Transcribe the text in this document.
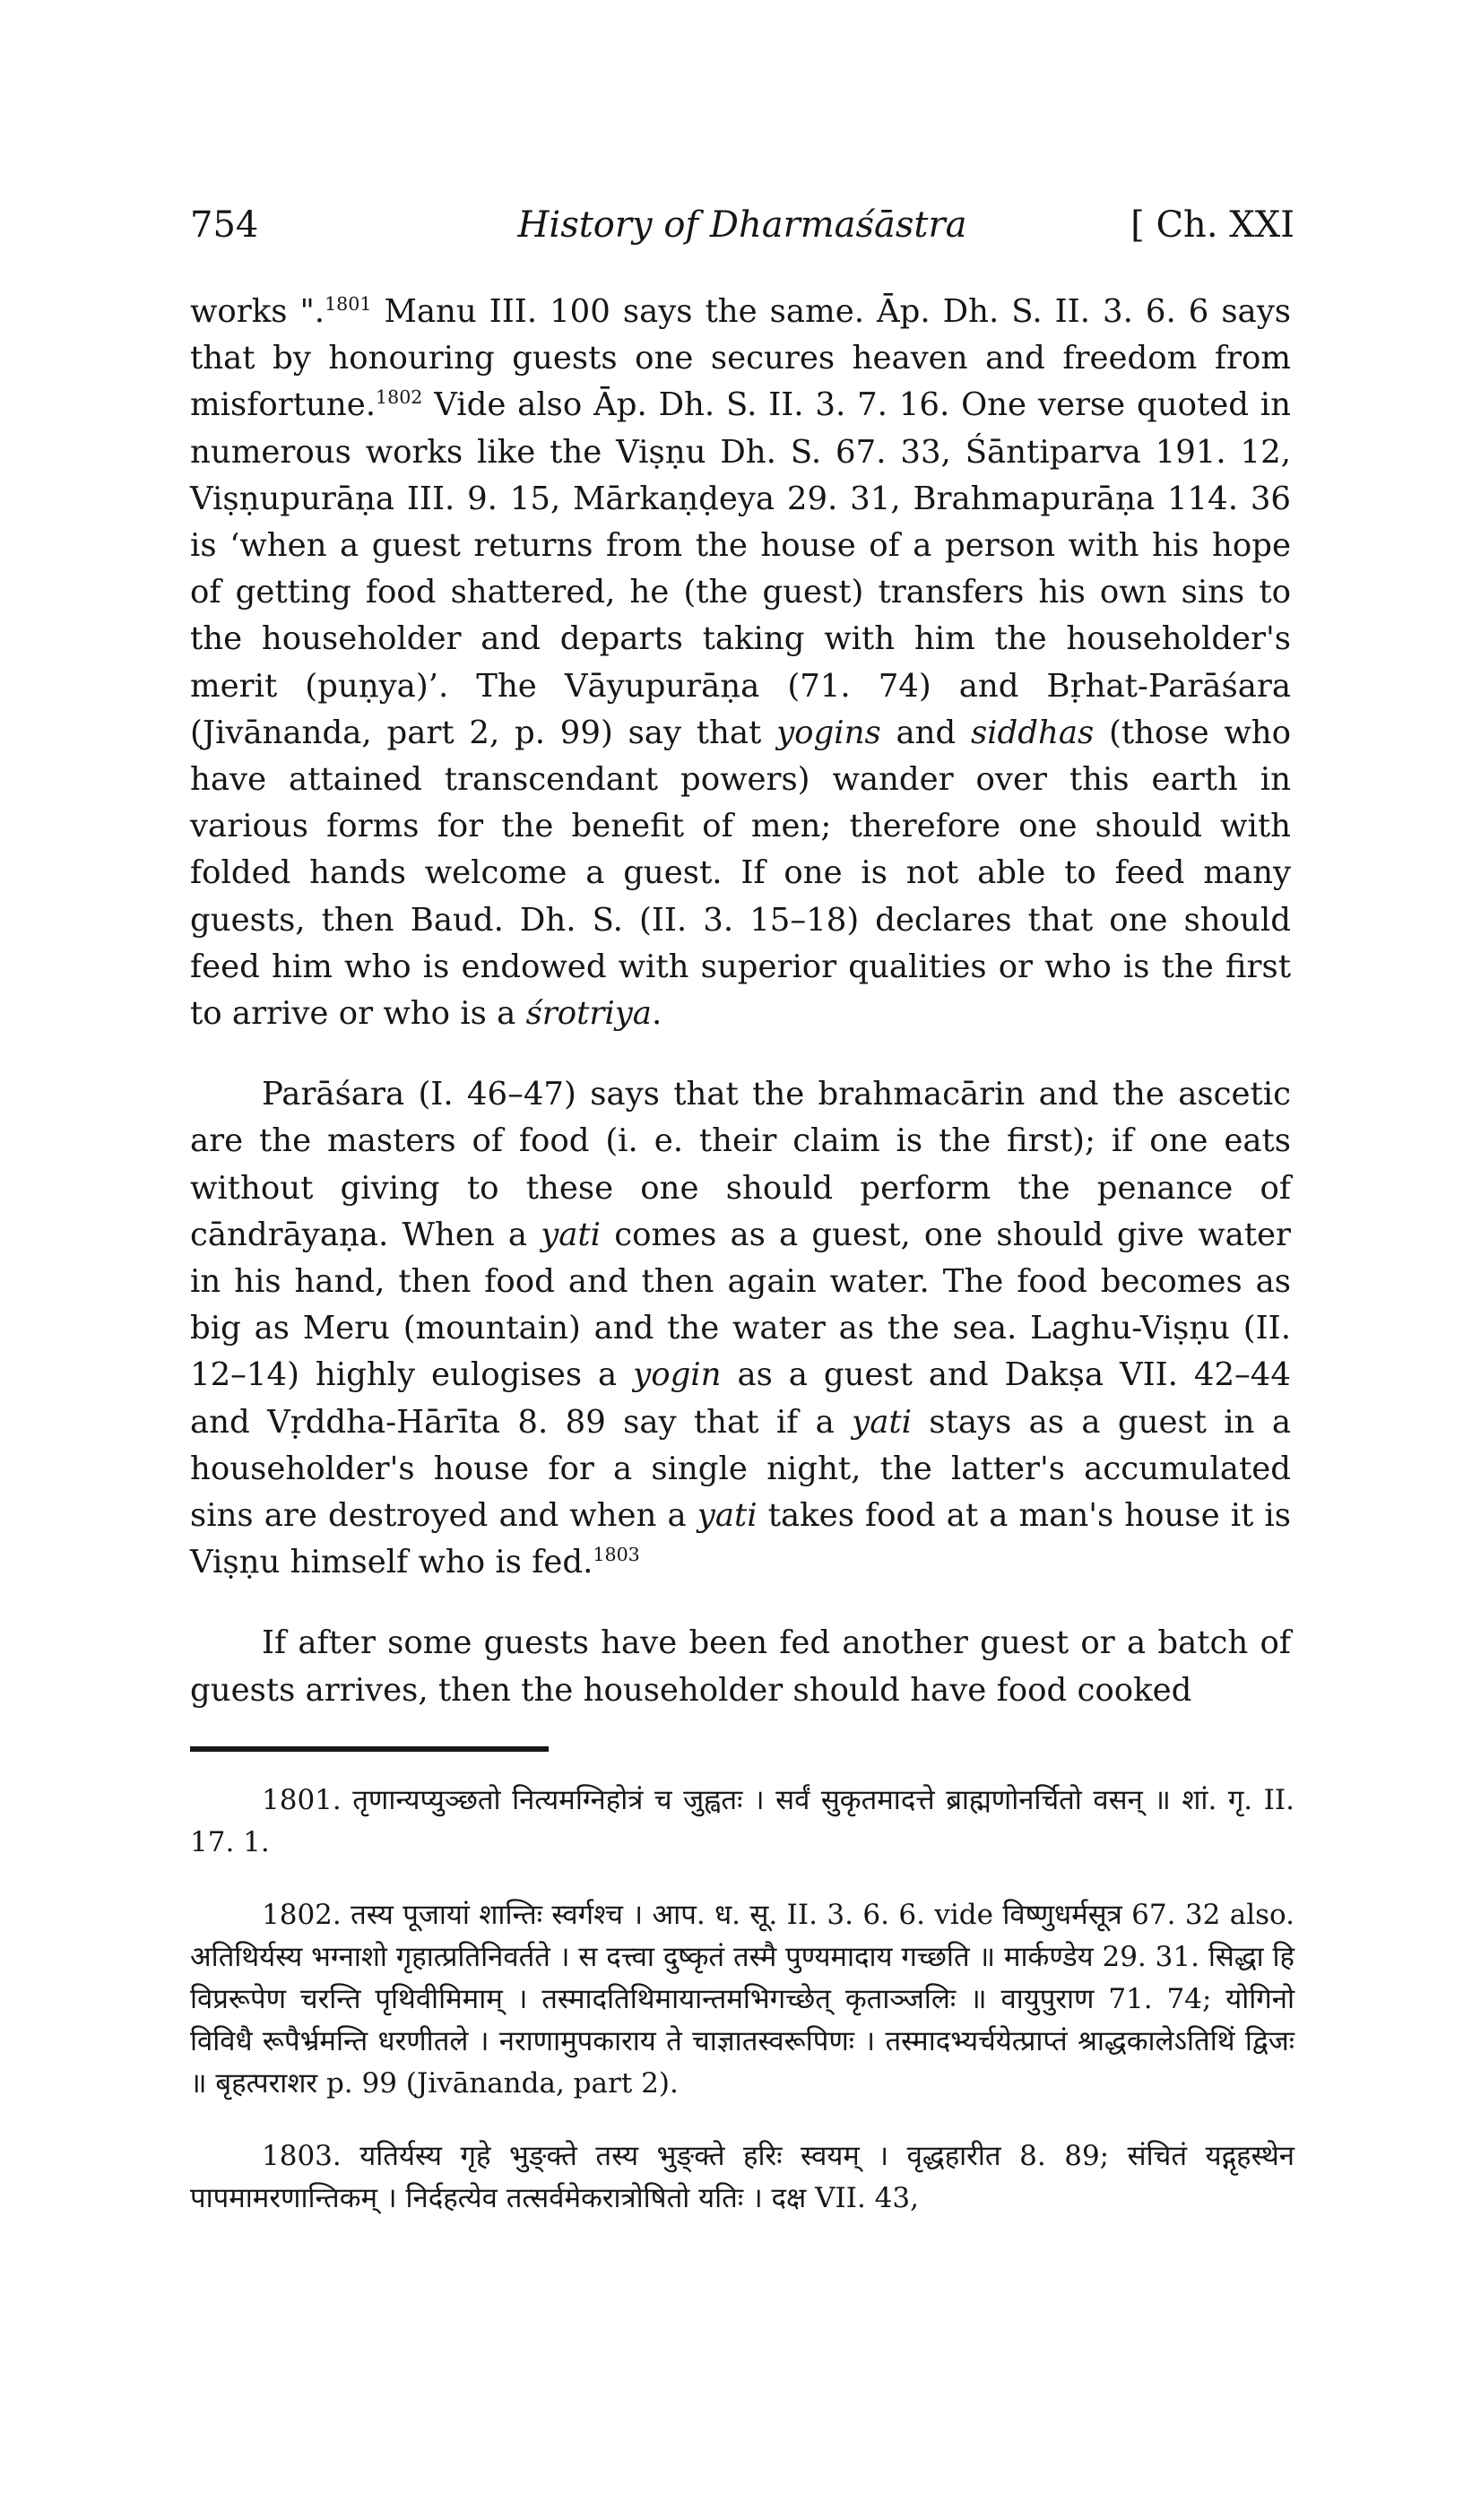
754	History of Dharmaśāstra	[ Ch. XXI

works ".$^{1801}$ Manu III. 100 says the same. Āp. Dh. S. II. 3. 6. 6 says that by honouring guests one secures heaven and freedom from misfortune.$^{1802}$ Vide also Āp. Dh. S. II. 3. 7. 16. One verse quoted in numerous works like the Viṣṇu Dh. S. 67. 33, Śāntiparva 191. 12, Viṣṇupurāṇa III. 9. 15, Mārkaṇḍeya 29. 31, Brahmapurāṇa 114. 36 is ‘when a guest returns from the house of a person with his hope of getting food shattered, he (the guest) transfers his own sins to the householder and departs taking with him the householder's merit (puṇya)’. The Vāyupurāṇa (71. 74) and Bṛhat-Parāśara (Jivānanda, part 2, p. 99) say that yogins and siddhas (those who have attained transcendant powers) wander over this earth in various forms for the benefit of men; therefore one should with folded hands welcome a guest. If one is not able to feed many guests, then Baud. Dh. S. (II. 3. 15–18) declares that one should feed him who is endowed with superior qualities or who is the first to arrive or who is a śrotriya.

Parāśara (I. 46–47) says that the brahmacārin and the ascetic are the masters of food (i. e. their claim is the first); if one eats without giving to these one should perform the penance of cāndrāyaṇa. When a yati comes as a guest, one should give water in his hand, then food and then again water. The food becomes as big as Meru (mountain) and the water as the sea. Laghu-Viṣṇu (II. 12–14) highly eulogises a yogin as a guest and Dakṣa VII. 42–44 and Vṛddha-Hārīta 8. 89 say that if a yati stays as a guest in a householder's house for a single night, the latter's accumulated sins are destroyed and when a yati takes food at a man's house it is Viṣṇu himself who is fed.$^{1803}$

If after some guests have been fed another guest or a batch of guests arrives, then the householder should have food cooked

1801. तृणान्यप्युञ्छतो नित्यमग्निहोत्रं च जुह्वतः । सर्वं सुकृतमादत्ते ब्राह्मणोनर्चितो वसन् ॥ शां. गृ. II. 17. 1.

1802. तस्य पूजायां शान्तिः स्वर्गश्च । आप. ध. सू. II. 3. 6. 6. vide विष्णुधर्मसूत्र 67. 32 also. अतिथिर्यस्य भग्नाशो गृहात्प्रतिनिवर्तते । स दत्त्वा दुष्कृतं तस्मै पुण्यमादाय गच्छति ॥ मार्कण्डेय 29. 31. सिद्धा हि विप्ररूपेण चरन्ति पृथिवीमिमाम् । तस्मादतिथिमायान्तमभिगच्छेत् कृताञ्जलिः ॥ वायुपुराण 71. 74; योगिनो विविधै रूपैर्भ्रमन्ति धरणीतले । नराणामुपकाराय ते चाज्ञातस्वरूपिणः । तस्मादभ्यर्चयेत्प्राप्तं श्राद्धकालेऽतिथिं द्विजः ॥ बृहत्पराशर p. 99 (Jivānanda, part 2).

1803. यतिर्यस्य गृहे भुङ्क्ते तस्य भुङ्क्ते हरिः स्वयम् । वृद्धहारीत 8. 89; संचितं यद्गृहस्थेन पापमामरणान्तिकम् । निर्दहत्येव तत्सर्वमेकरात्रोषितो यतिः । दक्ष VII. 43,
